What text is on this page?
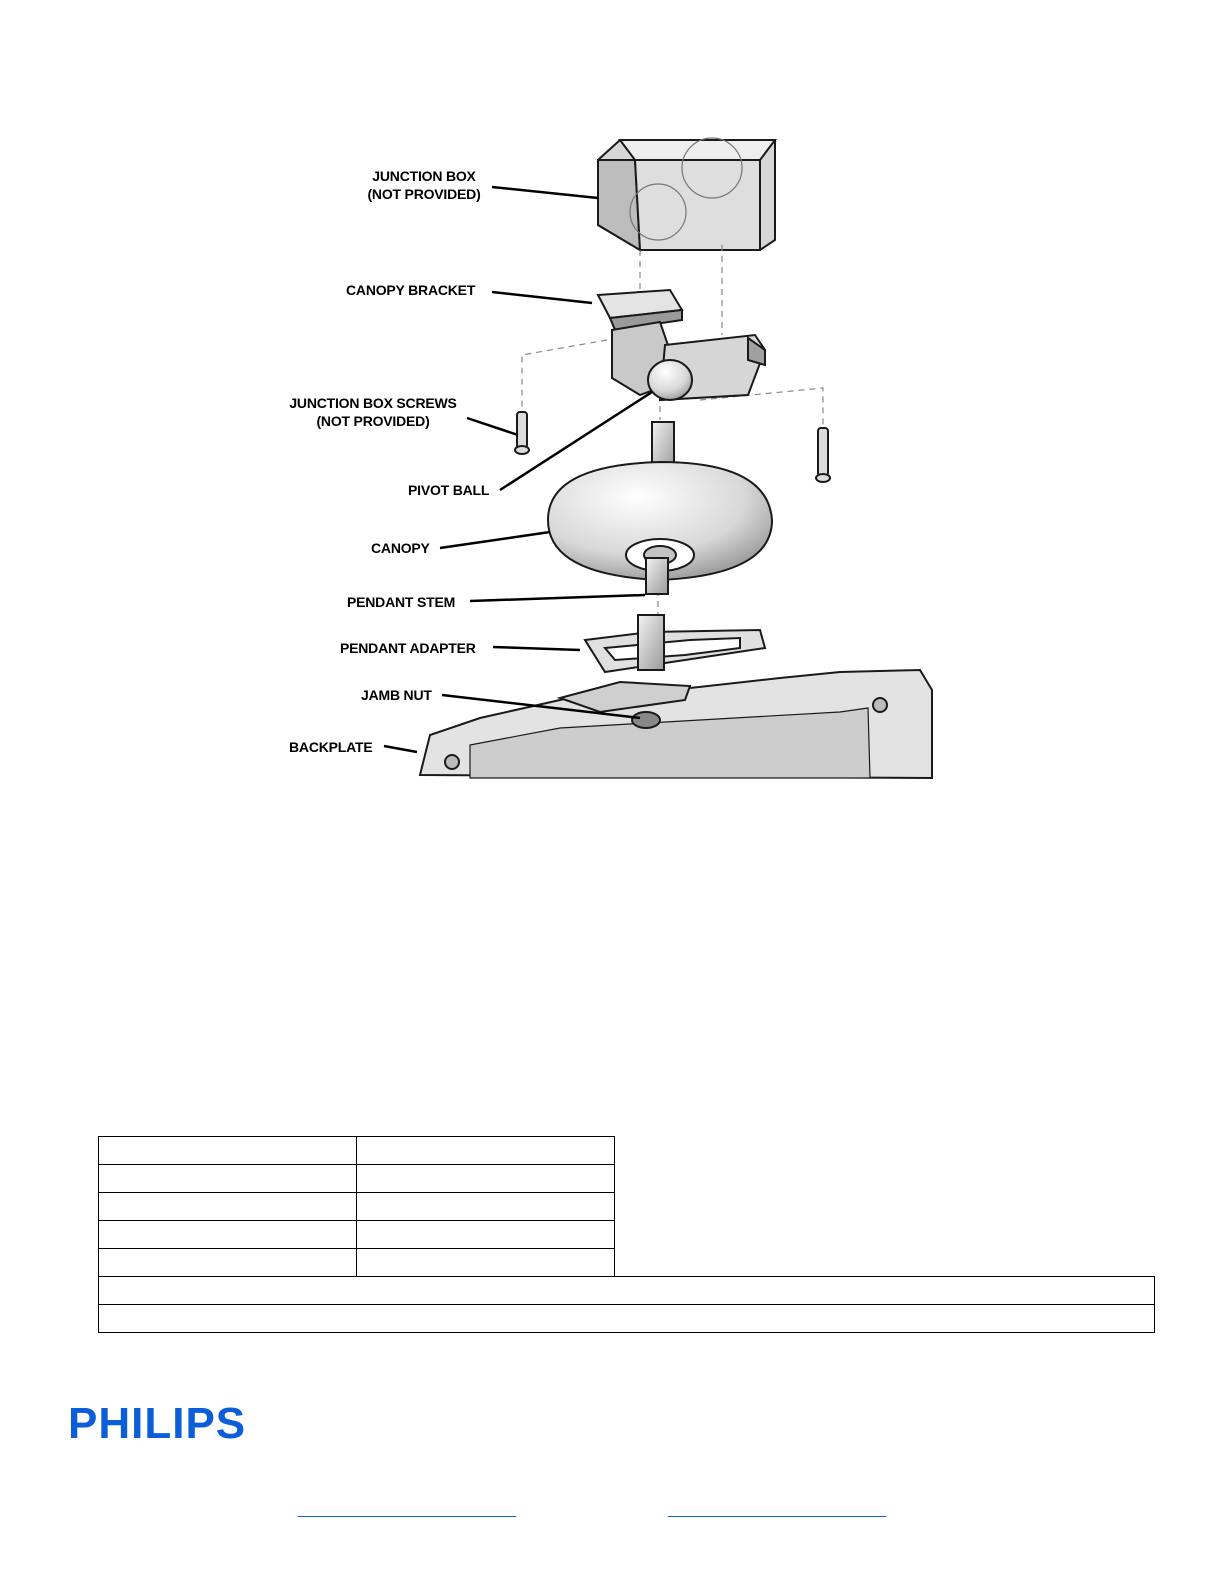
JUNCTION BOX
(NOT PROVIDED)
CANOPY BRACKET
JUNCTION BOX SCREWS
(NOT PROVIDED)
PIVOT BALL
CANOPY
PENDANT STEM
PENDANT ADAPTER
JAMB NUT
BACKPLATE

PHILIPS
